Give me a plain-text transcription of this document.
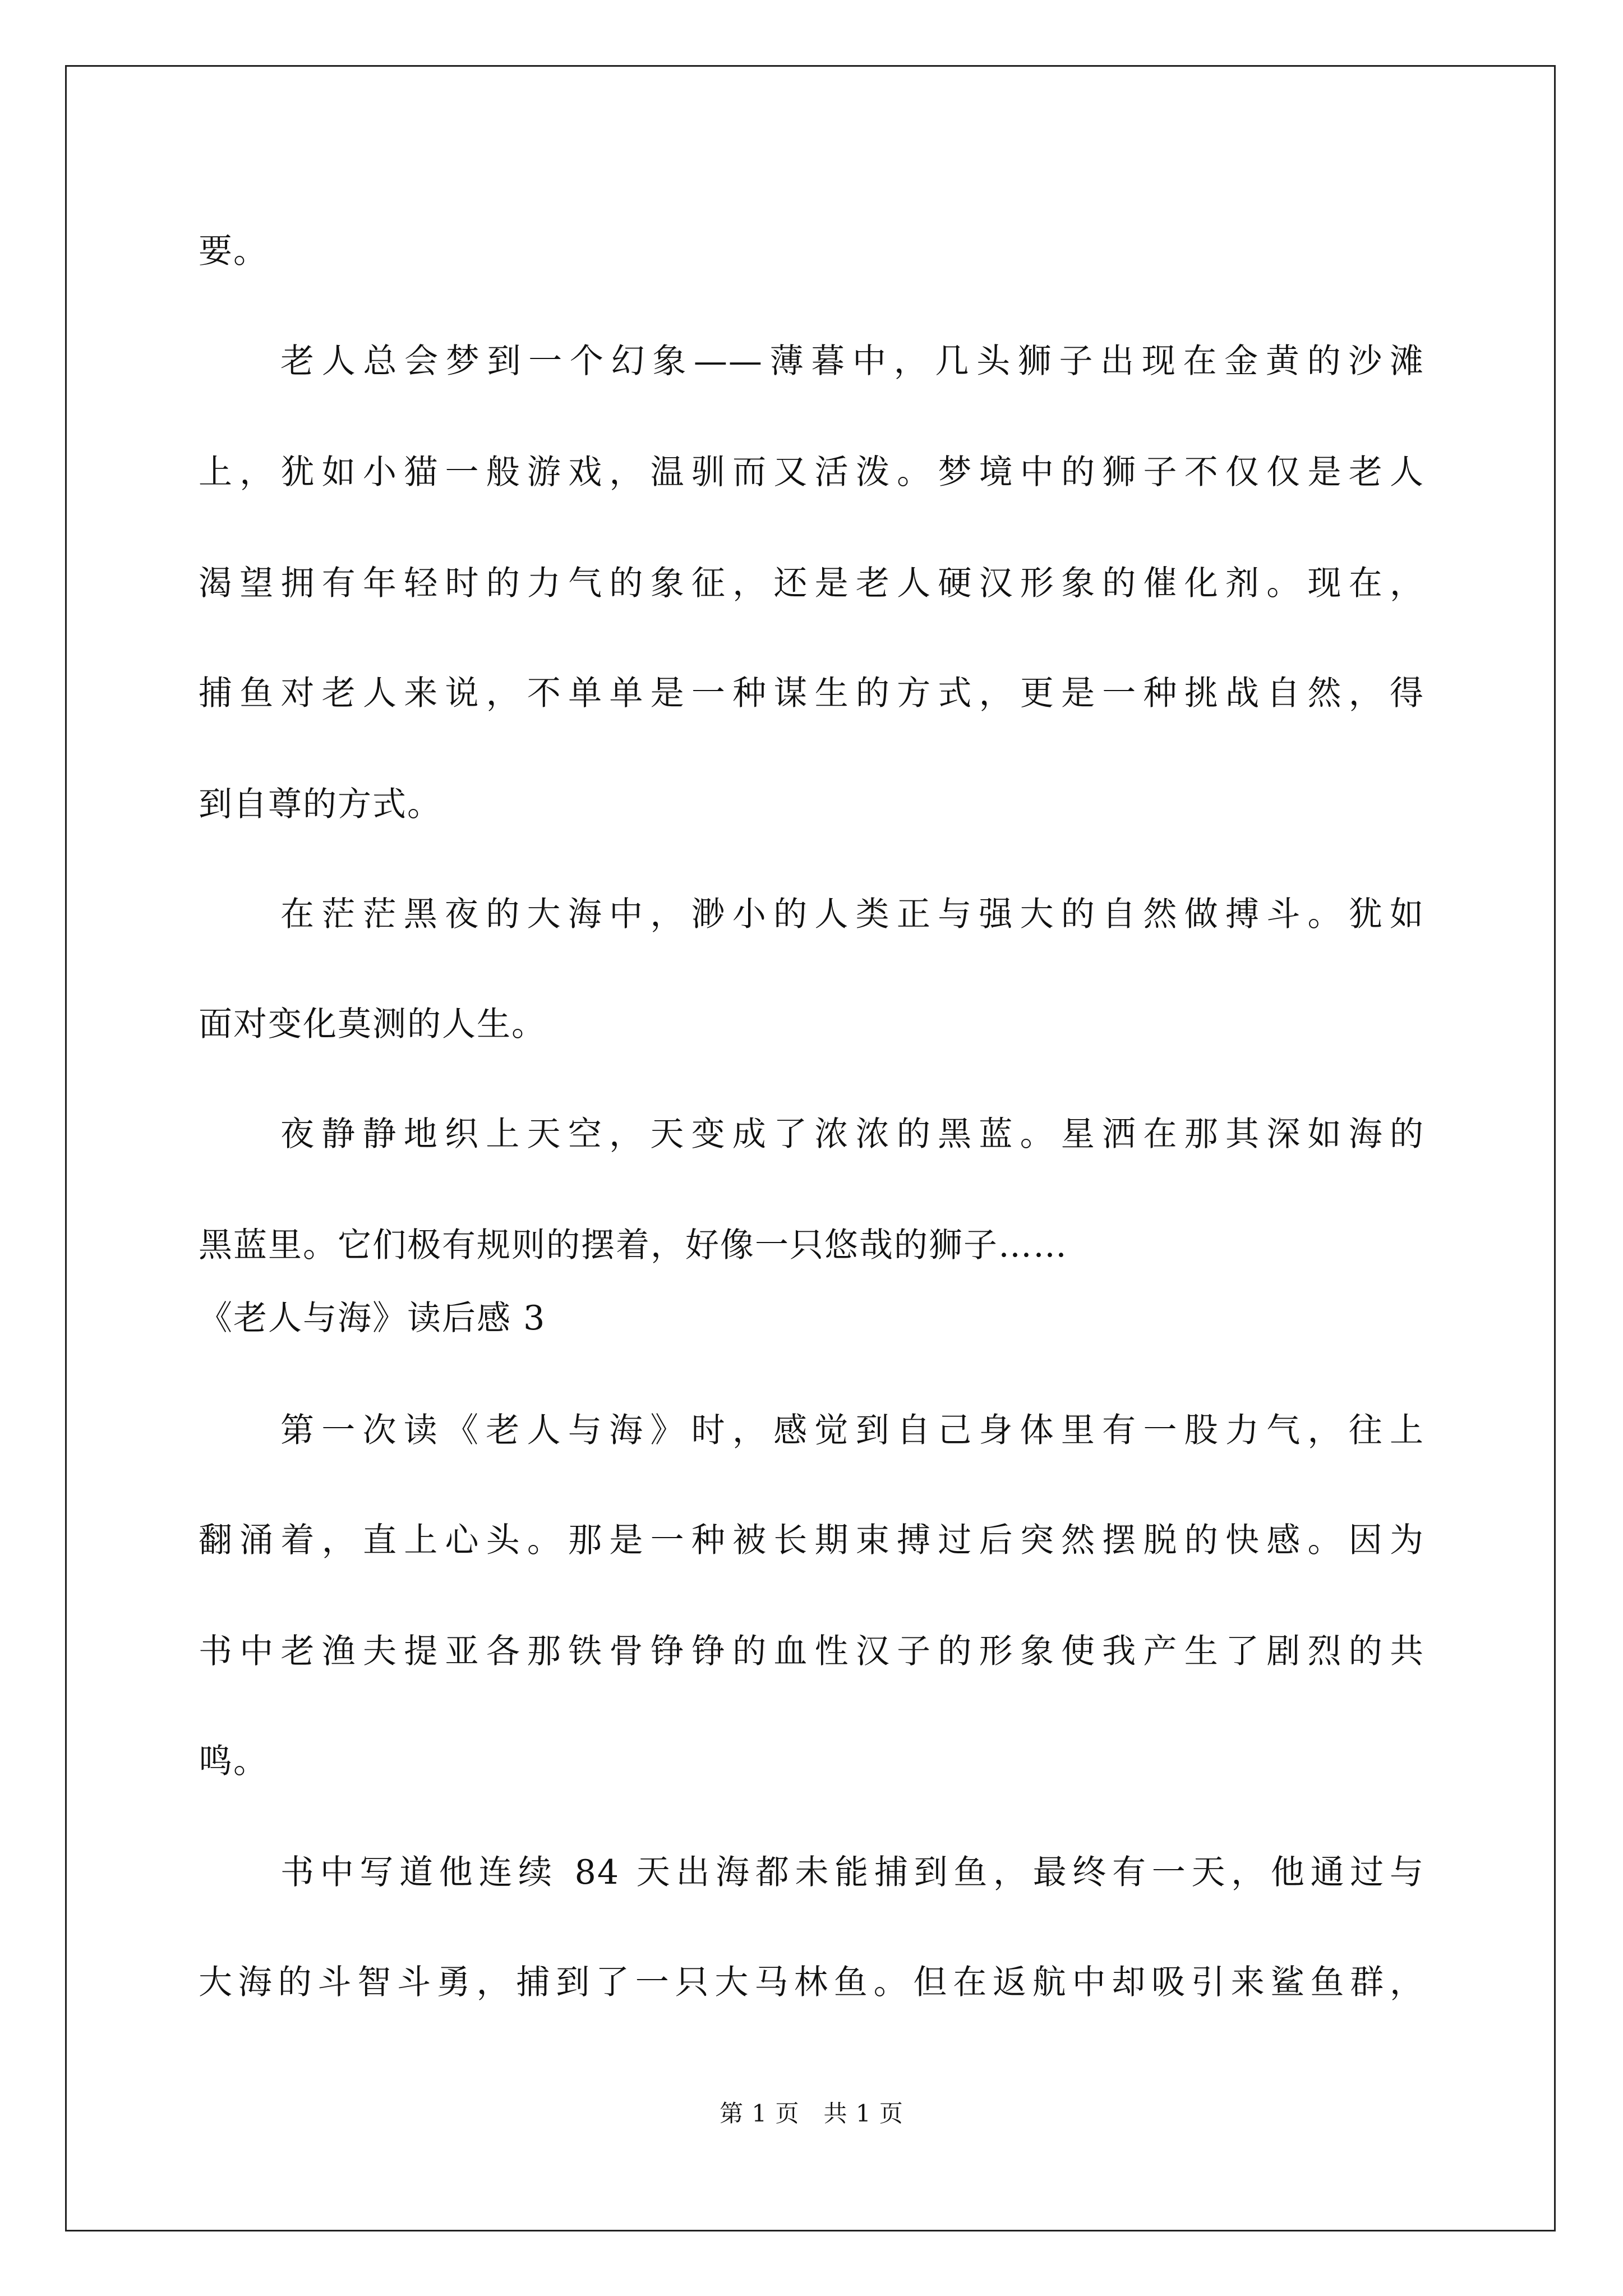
要。
老人总会梦到一个幻象——薄暮中，几头狮子出现在金黄的沙滩
上，犹如小猫一般游戏，温驯而又活泼。梦境中的狮子不仅仅是老人
渴望拥有年轻时的力气的象征，还是老人硬汉形象的催化剂。现在，
捕鱼对老人来说，不单单是一种谋生的方式，更是一种挑战自然，得
到自尊的方式。
在茫茫黑夜的大海中，渺小的人类正与强大的自然做搏斗。犹如
面对变化莫测的人生。
夜静静地织上天空，天变成了浓浓的黑蓝。星洒在那其深如海的
黑蓝里。它们极有规则的摆着，好像一只悠哉的狮子……
《老人与海》读后感 3
第一次读《老人与海》时，感觉到自己身体里有一股力气，往上
翻涌着，直上心头。那是一种被长期束搏过后突然摆脱的快感。因为
书中老渔夫提亚各那铁骨铮铮的血性汉子的形象使我产生了剧烈的共
鸣。
书中写道他连续 84 天出海都未能捕到鱼，最终有一天，他通过与
大海的斗智斗勇，捕到了一只大马林鱼。但在返航中却吸引来鲨鱼群，
第 1 页　共 1 页
